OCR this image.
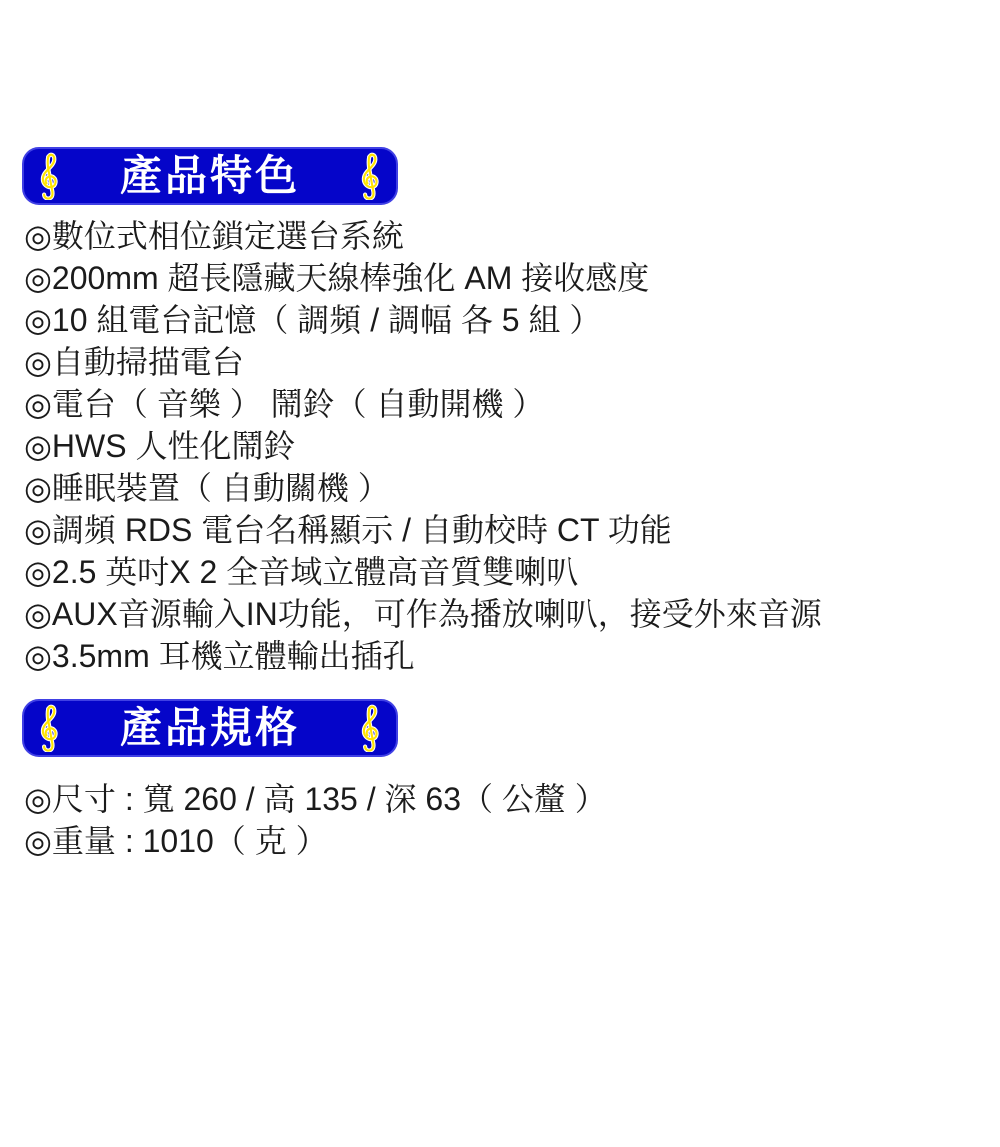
產品特色
◎數位式相位鎖定選台系統
◎200mm 超長隱藏天線棒強化 AM 接收感度
◎10 組電台記憶（ 調頻 / 調幅 各 5 組 ）
◎自動掃描電台
◎電台（ 音樂 ） 鬧鈴（ 自動開機 ）
◎HWS 人性化鬧鈴
◎睡眠裝置（ 自動關機 ）
◎調頻 RDS 電台名稱顯示 / 自動校時 CT 功能
◎2.5 英吋X 2 全音域立體高音質雙喇叭
◎AUX音源輸入IN功能，可作為播放喇叭，接受外來音源
◎3.5mm 耳機立體輸出插孔
產品規格
◎尺寸 : 寬 260 / 高 135 / 深 63（ 公釐 ）
◎重量 : 1010（ 克 ）
